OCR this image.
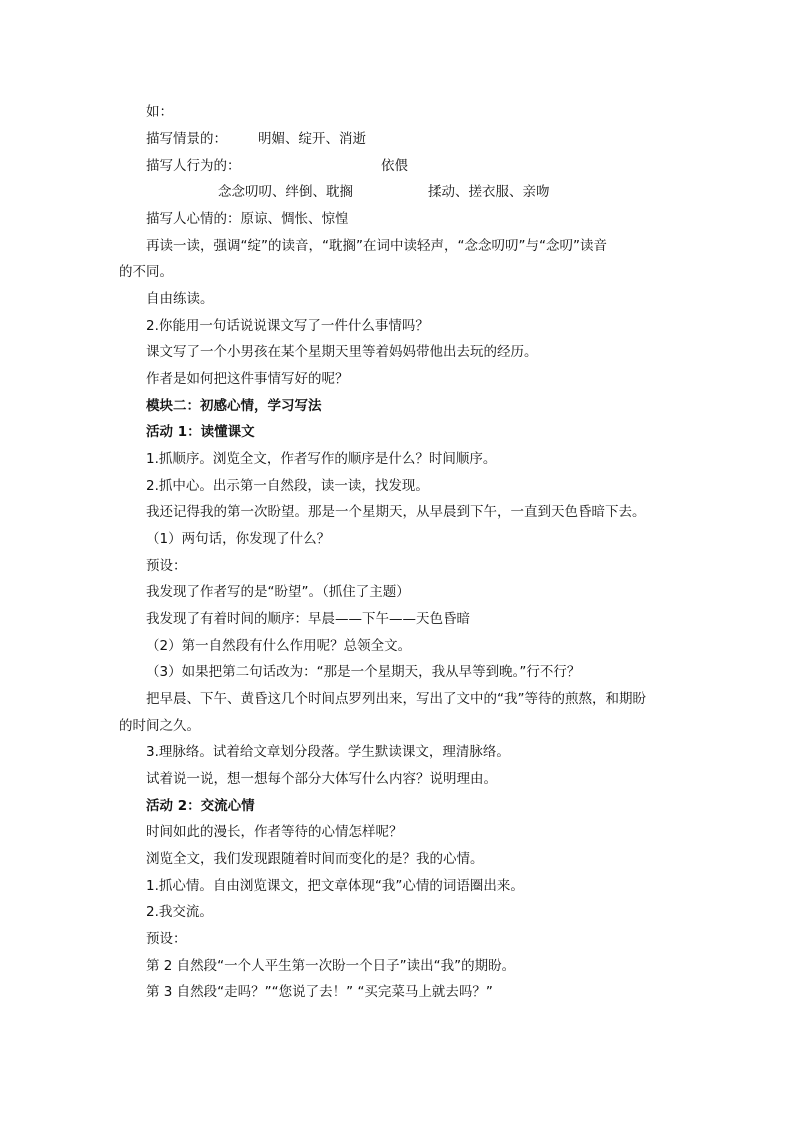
如：
描写情景的： 明媚、绽开、消逝
描写人行为的：	依偎
念念叨叨、绊倒、耽搁	揉动、搓衣服、亲吻
描写人心情的：原谅、惆怅、惊惶
再读一读，强调“绽”的读音，“耽搁”在词中读轻声，“念念叨叨”与“念叨”读音
的不同。
自由练读。
2.你能用一句话说说课文写了一件什么事情吗？
课文写了一个小男孩在某个星期天里等着妈妈带他出去玩的经历。
作者是如何把这件事情写好的呢？
模块二：初感心情，学习写法
活动 1：读懂课文
1.抓顺序。浏览全文，作者写作的顺序是什么？时间顺序。
2.抓中心。出示第一自然段，读一读，找发现。
我还记得我的第一次盼望。那是一个星期天，从早晨到下午，一直到天色昏暗下去。
（1）两句话，你发现了什么？
预设：
我发现了作者写的是“盼望”。（抓住了主题）
我发现了有着时间的顺序：早晨——下午——天色昏暗
（2）第一自然段有什么作用呢？总领全文。
（3）如果把第二句话改为：“那是一个星期天，我从早等到晚。”行不行？
把早晨、下午、黄昏这几个时间点罗列出来，写出了文中的“我”等待的煎熬，和期盼
的时间之久。
3.理脉络。试着给文章划分段落。学生默读课文，理清脉络。
试着说一说，想一想每个部分大体写什么内容？说明理由。
活动 2：交流心情
时间如此的漫长，作者等待的心情怎样呢？
浏览全文，我们发现跟随着时间而变化的是？我的心情。
1.抓心情。自由浏览课文，把文章体现“我”心情的词语圈出来。
2.我交流。
预设：
第 2 自然段“一个人平生第一次盼一个日子”读出“我”的期盼。
第 3 自然段“走吗？”“您说了去！” “买完菜马上就去吗？”
